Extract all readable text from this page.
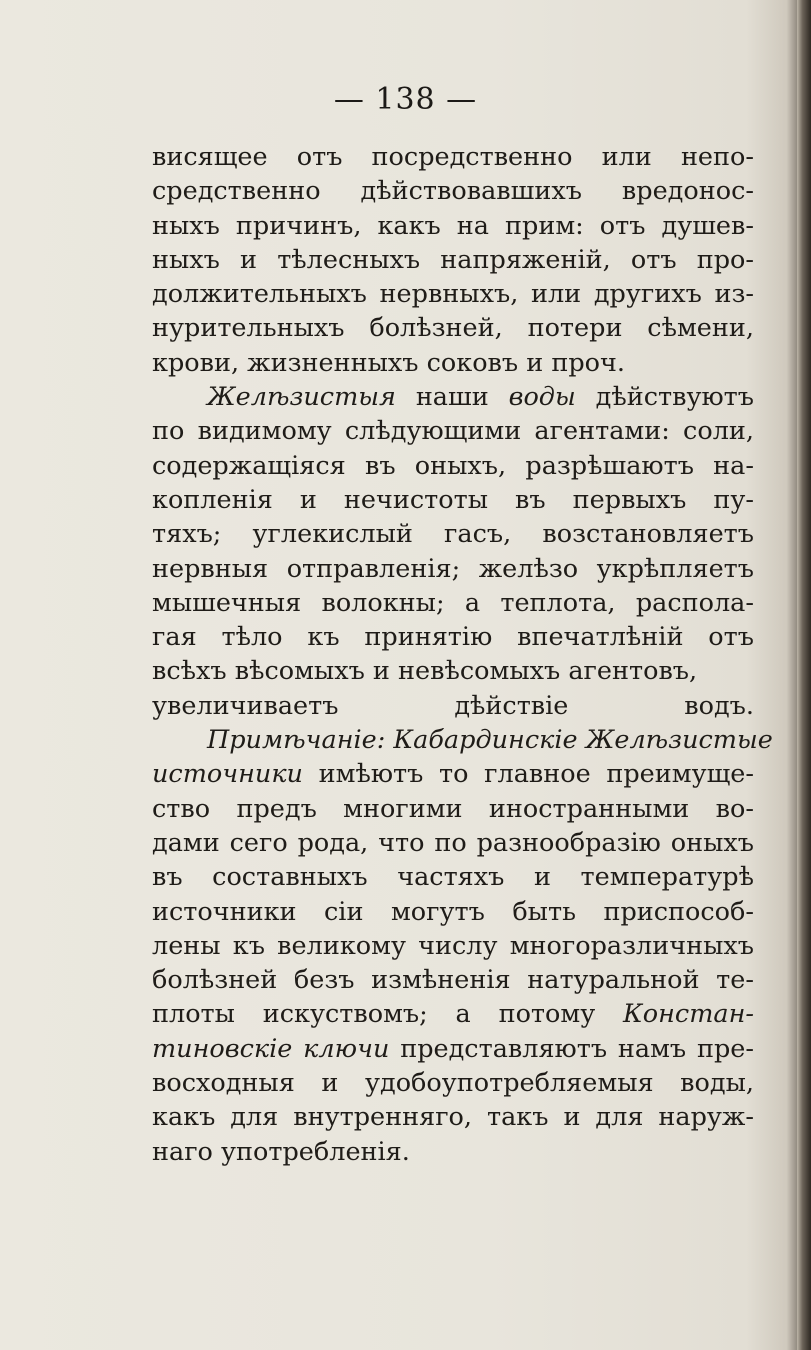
— 138 —
висящее отъ посредственно или непо-
средственно дѣйствовавшихъ вредонос-
ныхъ причинъ, какъ на прим: отъ душев-
ныхъ и тѣлесныхъ напряженій, отъ про-
должительныхъ нервныхъ, или другихъ из-
нурительныхъ болѣзней, потери сѣмени,
крови, жизненныхъ соковъ и проч.
Желѣзистыя наши воды дѣйствуютъ
по видимому слѣдующими агентами: соли,
содержащіяся въ оныхъ, разрѣшаютъ на-
копленія и нечистоты въ первыхъ пу-
тяхъ; углекислый гасъ, возстановляетъ
нервныя отправленія; желѣзо укрѣпляетъ
мышечныя волокны; а теплота, распола-
гая тѣло къ принятію впечатлѣній отъ
всѣхъ вѣсомыхъ и невѣсомыхъ агентовъ,
увеличиваетъ дѣйствіе водъ.
Примѣчаніе: Кабардинскіе Желѣзистые
источники имѣютъ то главное преимуще-
ство предъ многими иностранными во-
дами сего рода, что по разнообразію оныхъ
въ составныхъ частяхъ и температурѣ
источники сіи могутъ быть приспособ-
лены къ великому числу многоразличныхъ
болѣзней безъ измѣненія натуральной те-
плоты искуствомъ; а потому Констан-
тиновскіе ключи представляютъ намъ пре-
восходныя и удобоупотребляемыя воды,
какъ для внутренняго, такъ и для наруж-
наго употребленія.
